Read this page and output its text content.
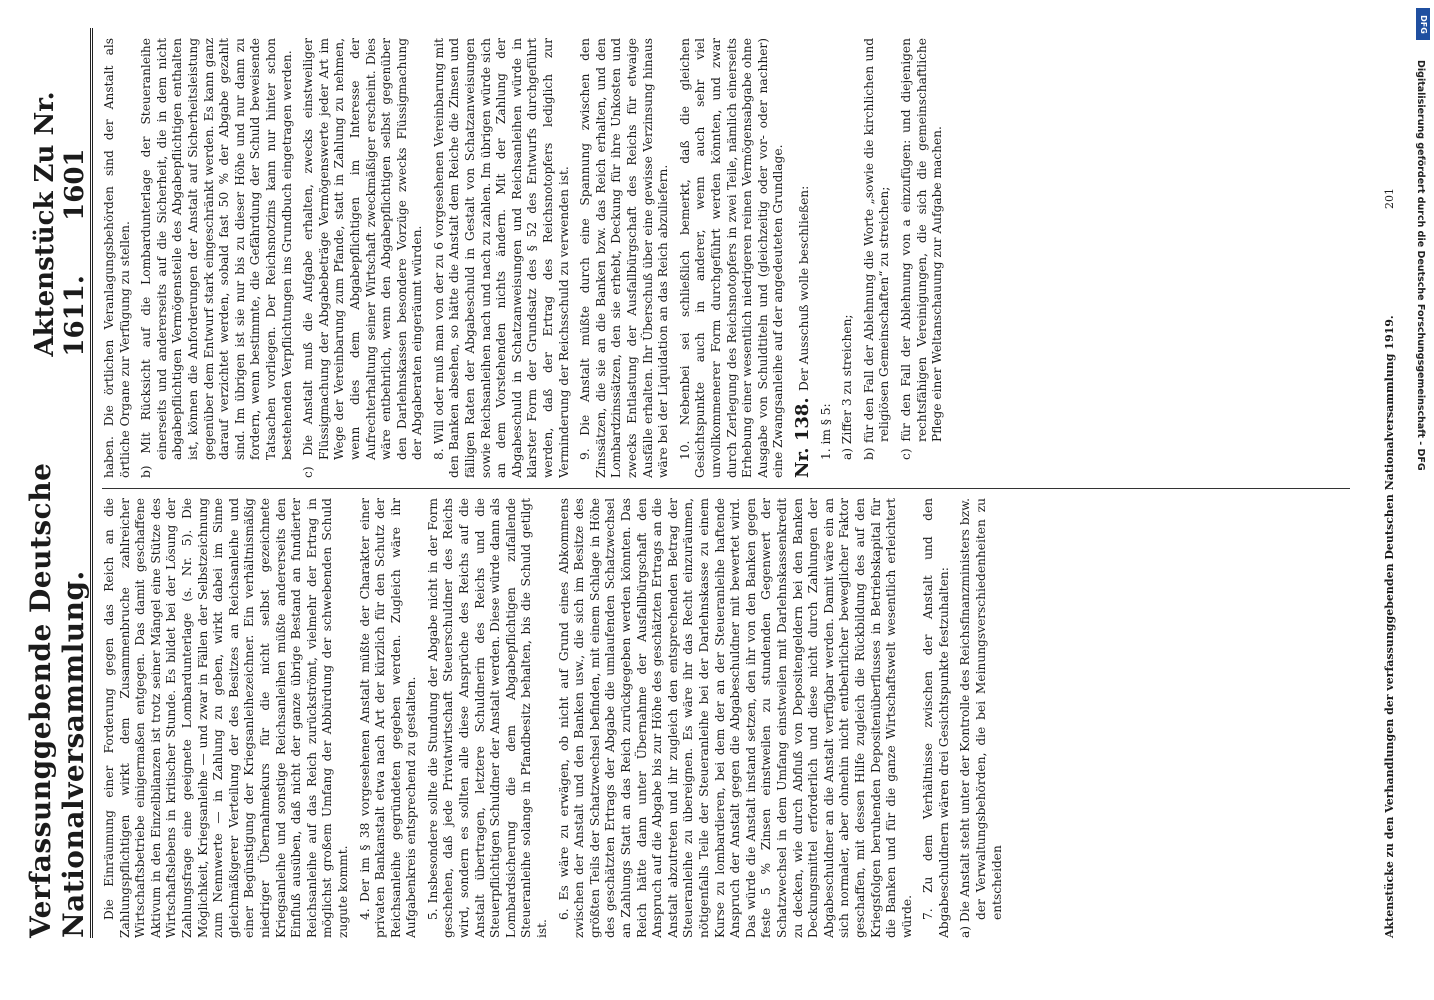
Verfassunggebende Deutsche Nationalversammlung.
Aktenstück Zu Nr. 1611.      1601

Die Einräumung einer Forderung gegen das Reich an die Zahlungspflichtigen wirkt dem Zusammenbruche zahlreicher Wirtschaftsbetriebe einigermaßen entgegen. Das damit geschaffene Aktivum in den Einzelbilanzen ist trotz seiner Mängel eine Stütze des Wirtschaftslebens in kritischer Stunde. Es bildet bei der Lösung der Zahlungsfrage eine geeignete Lombardunterlage (s. Nr. 5). Die Möglichkeit, Kriegsanleihe — und zwar in Fällen der Selbstzeichnung zum Nennwerte — in Zahlung zu geben, wirkt dabei im Sinne gleichmäßigerer Verteilung der des Besitzes an Reichsanleihe und einer Begünstigung der Kriegsanleihezeichner. Ein verhältnismäßig niedriger Übernahmekurs für die nicht selbst gezeichnete Kriegsanleihe und sonstige Reichsanleihen müßte andererseits den Einfluß ausüben, daß nicht der ganze übrige Bestand an fundierter Reichsanleihe auf das Reich zurückströmt, vielmehr der Ertrag in möglichst großem Umfang der Abbürdung der schwebenden Schuld zugute kommt. 4. Der im § 38 vorgesehenen Anstalt müßte der Charakter einer privaten Bankanstalt etwa nach Art der kürzlich für den Schutz der Reichsanleihe gegründeten gegeben werden. Zugleich wäre ihr Aufgabenkreis entsprechend zu gestalten. 5. Insbesondere sollte die Stundung der Abgabe nicht in der Form geschehen, daß jede Privatwirtschaft Steuerschuldner des Reichs wird, sondern es sollten alle diese Ansprüche des Reichs auf die Anstalt übertragen, letztere Schuldnerin des Reichs und die Steuerpflichtigen Schuldner der Anstalt werden. Diese würde dann als Lombardsicherung die dem Abgabepflichtigen zufallende Steueranleihe solange in Pfandbesitz behalten, bis die Schuld getilgt ist.

6. Es wäre zu erwägen, ob nicht auf Grund eines Abkommens zwischen der Anstalt und den Banken usw., die sich im Besitze des größten Teils der Schatzwechsel befinden, mit einem Schlage in Höhe des geschätzten Ertrags der Abgabe die umlaufenden Schatzwechsel an Zahlungs Statt an das Reich zurückgegeben werden könnten. Das Reich hätte dann unter Übernahme der Ausfallbürgschaft den Anspruch auf die Abgabe bis zur Höhe des geschätzten Ertrags an die Anstalt abzutreten und ihr zugleich den entsprechenden Betrag der Steueranleihe zu übereignen. Es wäre ihr das Recht einzuräumen, nötigenfalls Teile der Steueranleihe bei der Darlehnskasse zu einem Kurse zu lombardieren, bei dem der an der Steueranleihe haftende Anspruch der Anstalt gegen die Abgabeschuldner mit bewertet wird. Das würde die Anstalt instand setzen, den ihr von den Banken gegen feste 5 % Zinsen einstweilen zu stundenden Gegenwert der Schatzwechsel in dem Umfang einstweilen mit Darlehnskassenkredit zu decken, wie durch Abfluß von Depositengeldern bei den Banken Deckungsmittel erforderlich und diese nicht durch Zahlungen der Abgabeschuldner an die Anstalt verfügbar werden. Damit wäre ein an sich normaler, aber ohnehin nicht entbehrlicher beweglicher Faktor geschaffen, mit dessen Hilfe zugleich die Rückbildung des auf den Kriegsfolgen beruhenden Depositenüberflusses in Betriebskapital für die Banken und für die ganze Wirtschaftswelt wesentlich erleichtert würde. 7. Zu dem Verhältnisse zwischen der Anstalt und den Abgabeschuldnern wären drei Gesichtspunkte festzuhalten: a) Die Anstalt steht unter der Kontrolle des Reichsfinanzministers bzw. der Verwaltungsbehörden, die bei Meinungsverschiedenheiten zu entscheiden

haben. Die örtlichen Veranlagungsbehörden sind der Anstalt als örtliche Organe zur Verfügung zu stellen. b) Mit Rücksicht auf die Lombardunterlage der Steueranleihe einerseits und andererseits auf die Sicherheit, die in dem nicht abgabepflichtigen Vermögensteile des Abgabepflichtigen enthalten ist, können die Anforderungen der Anstalt auf Sicherheitsleistung gegenüber dem Entwurf stark eingeschränkt werden. Es kann ganz darauf verzichtet werden, sobald fast 50 % der Abgabe gezahlt sind. Im übrigen ist sie nur bis zu dieser Höhe und nur dann zu fordern, wenn bestimmte, die Gefährdung der Schuld beweisende Tatsachen vorliegen. Der Reichsnotzins kann nur hinter schon bestehenden Verpflichtungen ins Grundbuch eingetragen werden. c) Die Anstalt muß die Aufgabe erhalten, zwecks einstweiliger Flüssigmachung der Abgabebeträge Vermögenswerte jeder Art im Wege der Vereinbarung zum Pfande, statt in Zahlung zu nehmen, wenn dies dem Abgabepflichtigen im Interesse der Aufrechterhaltung seiner Wirtschaft zweckmäßiger erscheint. Dies wäre entbehrlich, wenn den Abgabepflichtigen selbst gegenüber den Darlehnskassen besondere Vorzüge zwecks Flüssigmachung der Abgaberaten eingeräumt würden. 8. Will oder muß man von der zu 6 vorgesehenen Vereinbarung mit den Banken absehen, so hätte die Anstalt dem Reiche die Zinsen und fälligen Raten der Abgabeschuld in Gestalt von Schatzanweisungen sowie Reichsanleihen nach und nach zu zahlen. Im übrigen würde sich an dem Vorstehenden nichts ändern. Mit der Zahlung der Abgabeschuld in Schatzanweisungen und Reichsanleihen würde in klarster Form der Grundsatz des § 52 des Entwurfs durchgeführt werden, daß der Ertrag des Reichsnotopfers lediglich zur Verminderung der Reichsschuld zu verwenden ist. 9. Die Anstalt müßte durch eine Spannung zwischen den Zinssätzen, die sie an die Banken bzw. das Reich erhalten, und den Lombardzinssätzen, den sie erhebt, Deckung für ihre Unkosten und zwecks Entlastung der Ausfallbürgschaft des Reichs für etwaige Ausfälle erhalten. Ihr Überschuß über eine gewisse Verzinsung hinaus wäre bei der Liquidation an das Reich abzuliefern. 10. Nebenbei sei schließlich bemerkt, daß die gleichen Gesichtspunkte auch in anderer, wenn auch sehr viel unvollkommenerer Form durchgeführt werden könnten, und zwar durch Zerlegung des Reichsnotopfers in zwei Teile, nämlich einerseits Erhebung einer wesentlich niedrigeren reinen Vermögensabgabe ohne Ausgabe von Schuldtiteln und (gleichzeitig oder vor- oder nachher) eine Zwangsanleihe auf der angedeuteten Grundlage. Nr. 138. Der Ausschuß wolle beschließen:

1. im § 5: a) Ziffer 3 zu streichen; b) für den Fall der Ablehnung die Worte „sowie die kirchlichen und religiösen Gemeinschaften“ zu streichen; c) für den Fall der Ablehnung von a einzufügen: und diejenigen rechtsfähigen Vereinigungen, die sich die gemeinschaftliche Pflege einer Weltanschauung zur Aufgabe machen.
Aktenstücke zu den Verhandlungen der verfassunggebenden Deutschen Nationalversammlung 1919.
201 Digitalisierung gefördert durch die Deutsche Forschungsgemeinschaft - DFG
DFG
